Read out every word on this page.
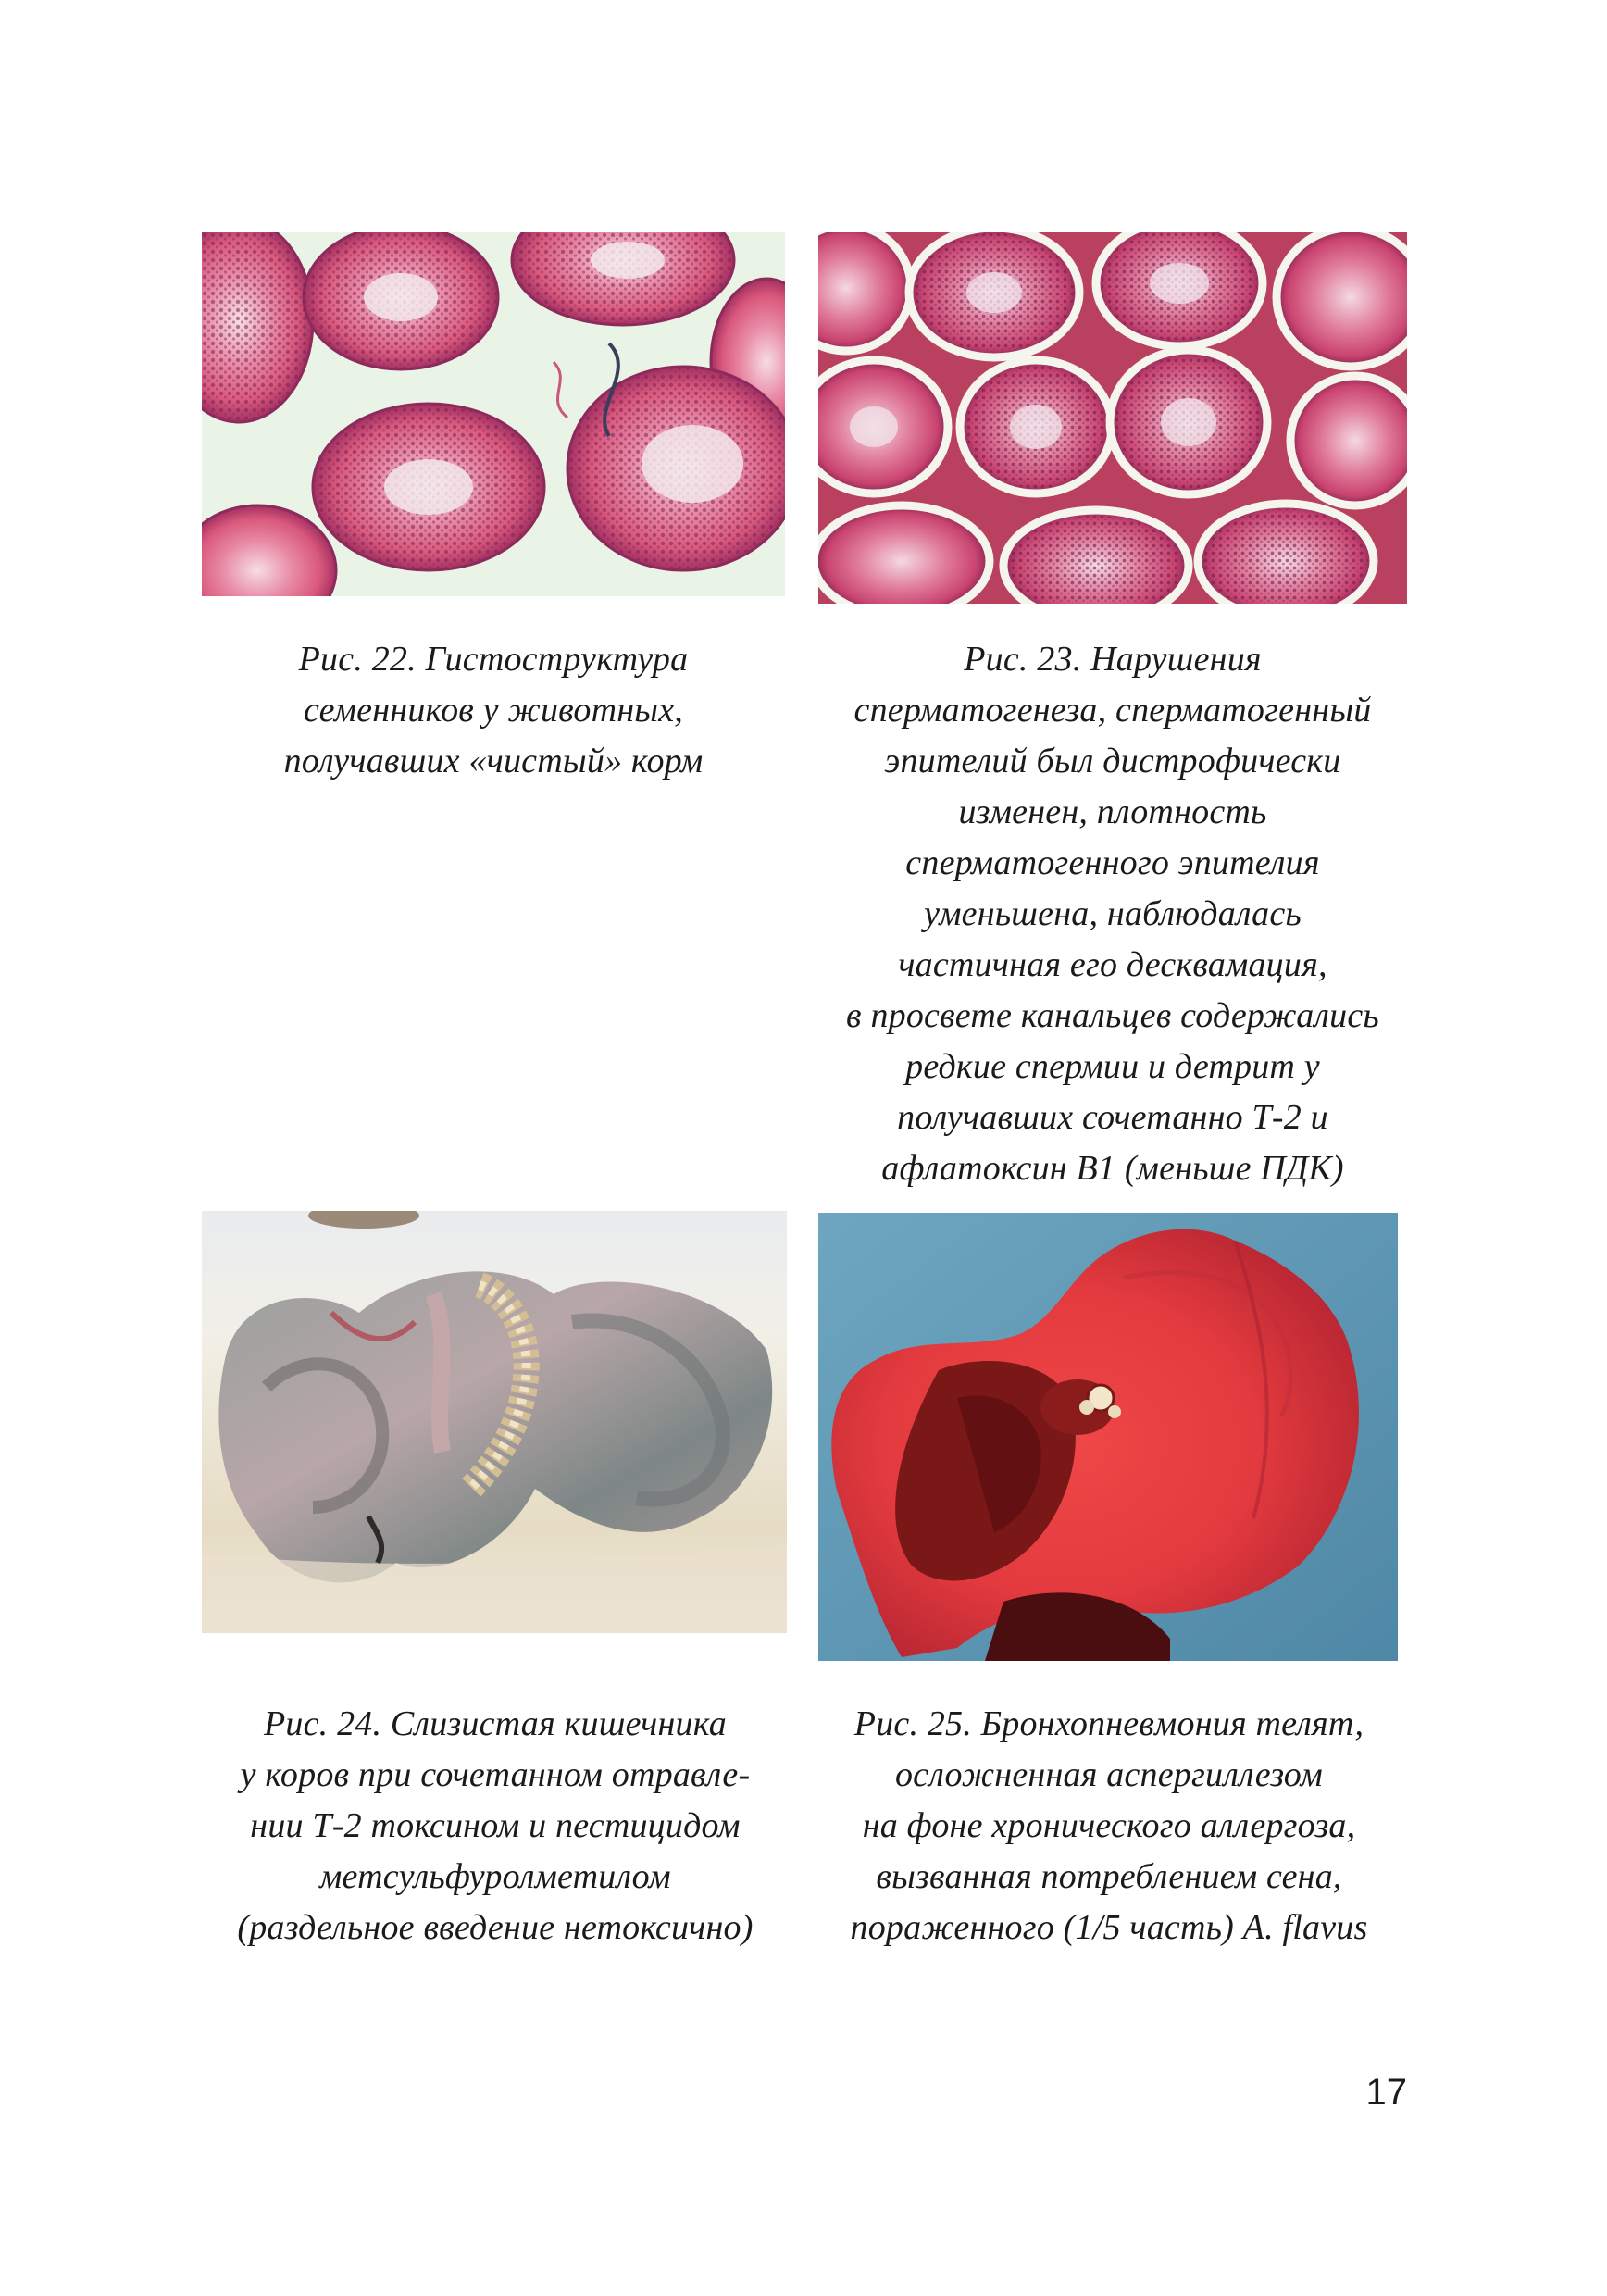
Рис. 22. Гистоструктура
семенников у животных,
получавших «чистый» корм
Рис. 23. Нарушения
сперматогенеза, сперматогенный
эпителий был дистрофически
изменен, плотность
сперматогенного эпителия
уменьшена, наблюдалась
частичная его десквамация,
в просвете канальцев содержались
редкие спермии и детрит у
получавших сочетанно Т-2 и
афлатоксин В1 (меньше ПДК)
Рис. 24. Слизистая кишечника
у коров при сочетанном отравле-
нии Т-2 токсином и пестицидом
метсульфуролметилом
(раздельное введение нетоксично)
Рис. 25. Бронхопневмония телят,
осложненная аспергиллезом
на фоне хронического аллергоза,
вызванная потреблением сена,
пораженного (1/5 часть) A. flavus
17
